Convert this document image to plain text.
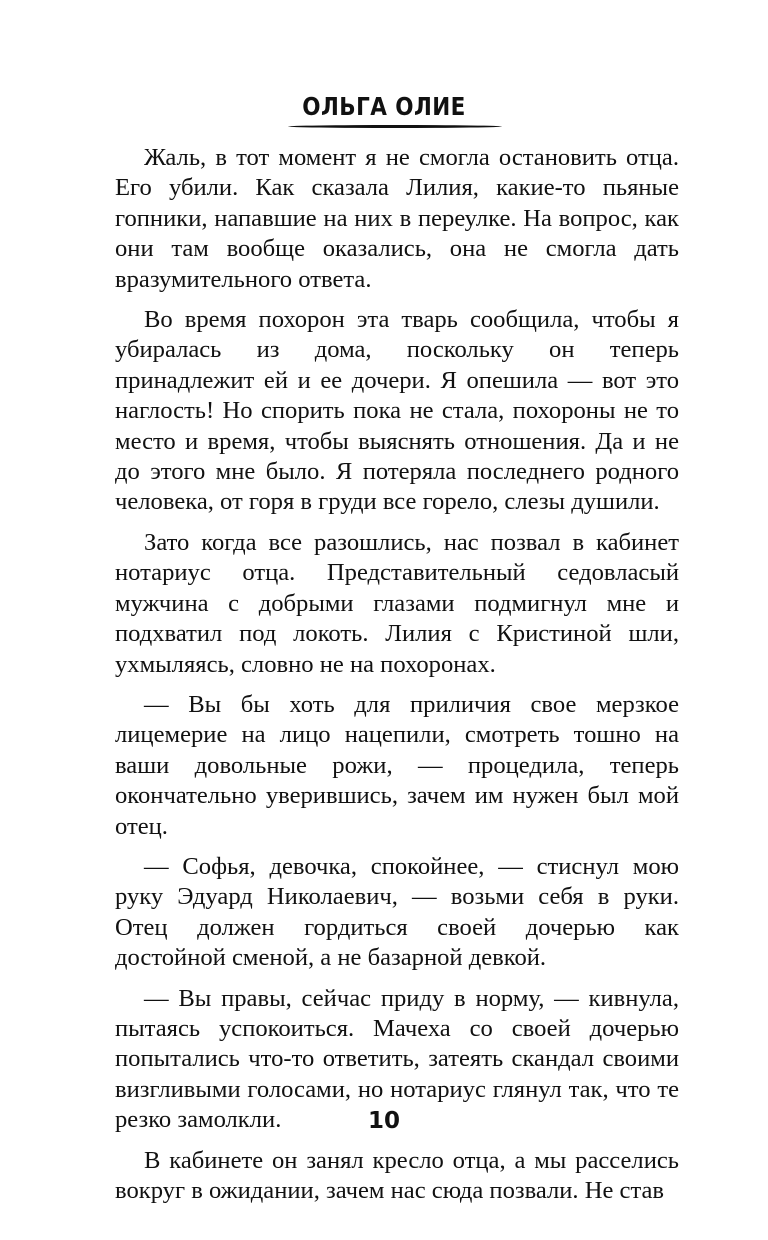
ОЛЬГА ОЛИЕ

Жаль, в тот момент я не смогла остановить отца. Его убили. Как сказала Лилия, какие-то пьяные гопники, напавшие на них в переулке. На вопрос, как они там вообще оказались, она не смогла дать вразумительного ответа.

Во время похорон эта тварь сообщила, чтобы я убиралась из дома, поскольку он теперь принадлежит ей и ее дочери. Я опешила — вот это наглость! Но спорить пока не стала, похороны не то место и время, чтобы выяснять отношения. Да и не до этого мне было. Я потеряла последнего родного человека, от горя в груди все горело, слезы душили.

Зато когда все разошлись, нас позвал в кабинет нотариус отца. Представительный седовласый мужчина с добрыми глазами подмигнул мне и подхватил под локоть. Лилия с Кристиной шли, ухмыляясь, словно не на похоронах.

— Вы бы хоть для приличия свое мерзкое лицемерие на лицо нацепили, смотреть тошно на ваши довольные рожи, — процедила, теперь окончательно уверившись, зачем им нужен был мой отец.

— Софья, девочка, спокойнее, — стиснул мою руку Эдуард Николаевич, — возьми себя в руки. Отец должен гордиться своей дочерью как достойной сменой, а не базарной девкой.

— Вы правы, сейчас приду в норму, — кивнула, пытаясь успокоиться. Мачеха со своей дочерью попытались что-то ответить, затеять скандал своими визгливыми голосами, но нотариус глянул так, что те резко замолкли.

В кабинете он занял кресло отца, а мы расселись вокруг в ожидании, зачем нас сюда позвали. Не став

10
